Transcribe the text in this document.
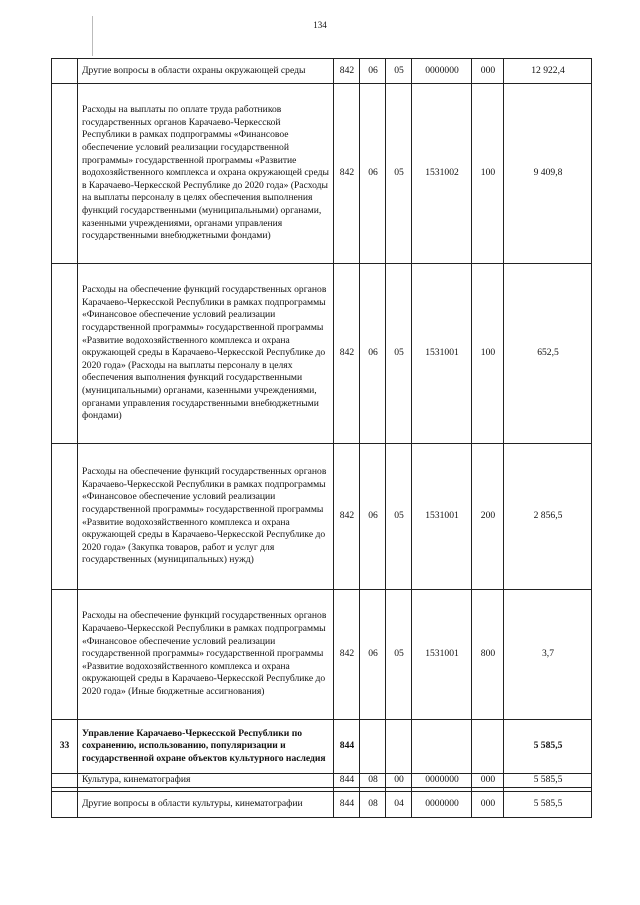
134
	Другие вопросы в области охраны окружающей среды	842	06	05	0000000	000	12 922,4
	Расходы на выплаты по оплате труда работников государственных органов Карачаево-Черкесской Республики в рамках подпрограммы «Финансовое обеспечение условий реализации государственной программы» государственной программы «Развитие водохозяйственного комплекса и охрана окружающей среды в Карачаево-Черкесской Республике до 2020 года» (Расходы на выплаты персоналу в целях обеспечения выполнения функций государственными (муниципальными) органами, казенными учреждениями, органами управления государственными внебюджетными фондами)	842	06	05	1531002	100	9 409,8
	Расходы на обеспечение функций государственных органов Карачаево-Черкесской Республики в рамках подпрограммы «Финансовое обеспечение условий реализации государственной программы» государственной программы «Развитие водохозяйственного комплекса и охрана окружающей среды в Карачаево-Черкесской Республике до 2020 года» (Расходы на выплаты персоналу в целях обеспечения выполнения функций государственными (муниципальными) органами, казенными учреждениями, органами управления государственными внебюджетными фондами)	842	06	05	1531001	100	652,5
	Расходы на обеспечение функций государственных органов Карачаево-Черкесской Республики в рамках подпрограммы «Финансовое обеспечение условий реализации государственной программы» государственной программы «Развитие водохозяйственного комплекса и охрана окружающей среды в Карачаево-Черкесской Республике до 2020 года» (Закупка товаров, работ и услуг для государственных (муниципальных) нужд)	842	06	05	1531001	200	2 856,5
	Расходы на обеспечение функций государственных органов Карачаево-Черкесской Республики в рамках подпрограммы «Финансовое обеспечение условий реализации государственной программы» государственной программы «Развитие водохозяйственного комплекса и охрана окружающей среды в Карачаево-Черкесской Республике до 2020 года» (Иные бюджетные ассигнования)	842	06	05	1531001	800	3,7
33	Управление Карачаево-Черкесской Республики по сохранению, использованию, популяризации и государственной охране объектов культурного наследия	844					5 585,5
	Культура, кинематография	844	08	00	0000000	000	5 585,5

	Другие вопросы в области культуры, кинематографии	844	08	04	0000000	000	5 585,5
